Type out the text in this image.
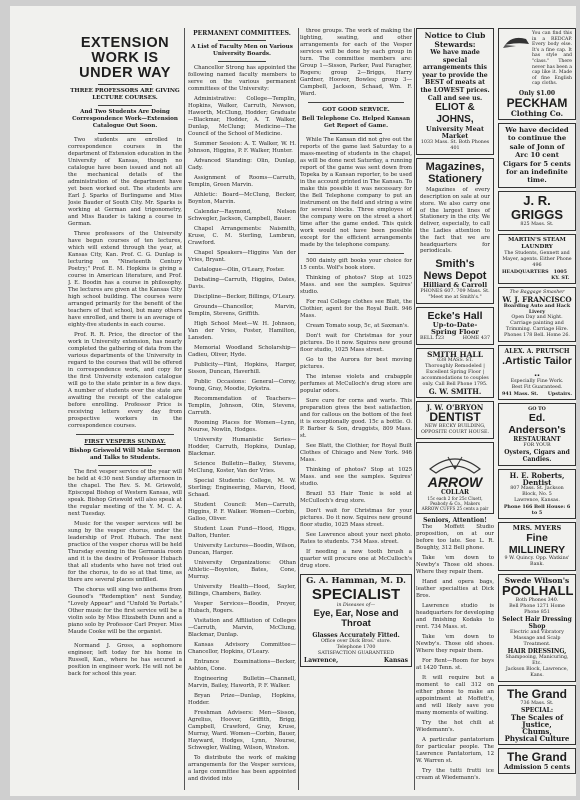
EXTENSION WORK IS UNDER WAY
THREE PROFESSORS ARE GIVING LECTURE COURSES.
And Two Students Are Doing Correspondence Work—Extension Catalogue Out Soon.

Two students are enrolled in correspondence courses in the department of Extension education in the University of Kansas, though no catalogue have been issued and not all the mechanical details of the administration of the department have yet been worked out. The students are Earl J. Sparks of Burlingame and Miss Josie Bauder of South City. Mr. Sparks is working at German and trigonometry, and Miss Bauder is taking a course in German.

Three professors of the University have begun courses of ten lectures, which will extend through the year, at Kansas City, Kan. Prof. C. G. Dunlap is lecturing on "Nineteenth Century Poetry;" Prof. E. M. Hopkins is giving a course in American literature, and Prof. J. E. Boodin has a course in philosophy. The lectures are given at the Kansas City high school building. The courses were arranged primarily for the benefit of the teachers of that school, but many others have enrolled, and there is an average of eighty-five students in each course.

Prof. R. R. Price, the director of the work in University extension, has nearly completed the gathering of data from the various departments of the University in regard to the courses that will be offered in correspondence work, and copy for the first University extension catalogue will go to the state printer in a few days. A number of students over the state are awaiting the receipt of the catalogue before enrolling. Professor Price is receiving letters every day from prospective workers in the correspondence courses.

FIRST VESPERS SUNDAY.
Bishop Griswold Will Make Sermon and Talks to Students.

The first vesper service of the year will be held at 4:30 next Sunday afternoon in the chapel. The Rev. S. M. Griswold, Episcopal Bishop of Western Kansas, will speak. Bishop Griswold will also speak at the regular meeting of the Y. M. C. A. next Tuesday.

Music for the vesper services will be sung by the vesper chorus, under the leadership of Prof. Hubach. The next practice of the vesper chorus will be held Thursday evening in the Germania room and it is the desire of Professor Hubach that all students who have not tried out for the chorus, to do so at that time, as there are several places unfilled.

The chorus will sing two anthems from Gounod's "Redemption" next Sunday, "Lovely Appear" and "Unfold Ye Portals." Other music for the first service will be a violin solo by Miss Elizabeth Dunn and a piano solo by Professor Carl Preyer. Miss Maude Cooke will be the organist.

Normand J. Gross, a sophomore engineer, left today for his home in Russell, Kan., where he has secured a position in engineer work. He will not be back for school this year.

PERMANENT COMMITTEES.
A List of Faculty Men on Various University Boards.

Chancellor Strong has appointed the following named faculty members to serve on the various permanent committees of the University:

Administrative: College—Templin, Hopkins, Walker, Carruth, Newson, Haworth, McClung, Hodder; Graduate—Blackmar, Hodder, A. T. Walker, Dunlap, McClung; Medicine—The Council of the School of Medicine.

Summer Session: A. T. Walker, W. H. Johnson, Higgins, P. F. Walker, Hunter.

Advanced Standing: Olin, Dunlap, Cady.

Assignment of Rooms—Carruth, Templin, Green Marvin.

Athletic: Board—McClung, Becker, Boynton, Marvin.

Calendar—Raymond, Nelson Schwegler, Jackson, Campbell, Bauer.

Chapel Arrangements: Naismith, Kruse, C. M. Sterling, Lambrun, Crawford.

Chapel Speakers—Higgins Van der Vries, Bryant.

Catalogue—Olin, O'Leary, Foster.

Debating—Carruth, Higgins, Dates, Davis.

Discipline—Becker, Billings, O'Leary.

Grounds—Chancellor, Marvin, Templin, Stevens, Griffith.

High School Meet—W. H. Johnson, Van der Vries, Foster, Hamilton, Lansden.

Memorial Woodland Scholarship—Cadieu, Oliver, Hyde.

Publicity—Flint, Hopkins, Harger, Sisson, Duncan, Haverhill.

Public Occasions: General—Corey, Young, Gray, Moodie, Dykstra.

Recommendation of Teachers—Templin, Johnson, Olin, Stevens, Carruth.

Rooming Places for Women—Lynn, Nourse, Nowlin, Hodges.

University Humanistic Series—Hodder, Carruth, Hopkins, Dunlap, Blackmar.

Science Bulletin—Bailey, Stevens, McClung, Koster, Van der Vries.

Special Students: College, M. W. Sterling; Engineering, Marvin, Hood, Schaad.

Student Council: Men—Carruth, Higgins, P. F. Walker. Women—Corbin, Galloo, Oliver.

Student Loan Fund—Hood, Higgs, Dalton, Hunter.

University Lectures—Boodin, Wilson, Duncan, Harger.

University Organizations: Othan Athletic—Boynton, Bates, Cone, Murray.

University Health—Hood, Sayler, Billings, Chambers, Bailey.

Vesper Services—Boodin, Preyer, Hubach, Rogers.

Visitation and Affiliation of Colleges—Carruth, Marvin, McClung, Blackmar, Dunlap.

Kansas Advisory Committee—Chancellor, Hopkins, O'Leary.

Entrance Examinations—Becker, Ashton, Cone.

Engineering Bulletin—Channell, Marvin, Bailey, Haworth, P. F. Walker.

Bryan Prize—Dunlap, Hopkins, Hodder.

Freshman Advisers: Men—Sisson, Agrelius, Hoover, Griffith, Brigg, Campbell, Crawford, Gray, Kruse, Murray, Ward. Women—Corbin, Bauer, Hayward, Hodges, Lynn, Nourse, Schwegler, Walling, Wilson, Winston.

To distribute the work of making arrangements for the Vesper services, a large committee has been appointed and divided into

three groups. The work of making the lighting, seating, and other arrangements for each of the Vesper services will be done by each group in turn. The committee members are: Group 1—Sisson, Parker, Paul Faragher, Rogers; group 2—Briggs, Harry Gardner, Hoover, Bowles; group 3—Campbell, Jackson, Schaad, Wm. F. Ward.

GOT GOOD SERVICE.
Bell Telephone Co. Helped Kansan Get Report of Game.

While The Kansan did not give out the reports of the game last Saturday to a mass-meeting of students in the chapel, as will be done next Saturday, a running report of the game was sent down from Topeka by a Kansan reporter, to be used in the account printed in The Kansan. To make this possible it was necessary for the Bell Telephone company to put an instrument on the field and string a wire for several blocks. Three employes of the company were on the street a short time after the game ended. This quick work would not have been possible except for the efficient arrangements made by the telephone company.

500 dainty gift books your choice for 15 cents. Wolf's book store.

Thinking of photos? Stop at 1025 Mass. and see the samples. Squires' studio.

For real College clothes see Blatt, the Clothier, agent for the Royal Built. 946 Mass.

Cream Tomato soup, 5c, at Saxman's.

Don't wait for Christmas for your pictures. Do it now. Squires new ground floor studio, 1025 Mass street.

Go to the Aurora for best moving pictures.

The intense violets and crabapple perfumes at McCulloch's drug store are popular odors.

Sure cure for corns and warts. This preparation gives the best satisfaction, and for callous on the bottom of the feet it is exceptionally good. 15c a bottle. O. P. Barber & Son, druggists, 809 Mass. st.

See Blatt, the Clothier, for Royal Built Clothes of Chicago and New York. 946 Mass.

Thinking of photos? Stop at 1025 Mass. and see the samples. Squires' studio.

Brazil 53 Hair Tonic is sold at McCulloch's drug store.

Don't wait for Christmas for your pictures. Do it now. Squires new ground floor studio, 1025 Mass street.

See Lawrence about your next photo. Rates to students. 734 Mass. street.

If needing a new tooth brush a quarter will procure one at McCulloch's drug store.

G. A. Hamman, M. D.
SPECIALIST
in Diseases of—
Eye, Ear, Nose and Throat
Glasses Accurately Fitted.
Office over Dick Bros.' store.
Telephone 1700
SATISFACTION GUARANTEED
Lawrence,	Kansas
Notice to Club Stewards:
We have made special arrangements this year to provide the BEST of meats at the LOWEST prices. Call and see us.
ELIOT & JOHNS,
University Meat Market
1033 Mass. St. Both Phones 401
Magazines, Stationery

Magazines of every description on sale at our store. We also carry one of the largest lines of Stationery in the city. We deliver, especially, to call the Ladies attention to the fact that we are headquarters for periodicals.

Smith's News Depot
Hilliard & Carroll
PHONES 607. 709 Mass. St.
"Meet me at Smith's."
Ecke's Hall
Up-to-Date-Spring Floor
BELL 123	HOME 437
SMITH HALL
638 MASS. ST.
Thoroughly Remodeled | Excellent Spring Floor | accommodations to couples only. Call Bell Phone 1795.
G. W. SMITH.
J. W. O'BRYON
DENTIST
NEW BECKY BUILDING, OPPOSITE COURT HOUSE.
ARROW
COLLAR
15c each 2 for 25c Cluett, Peabody & Co., Makers
ARROW CUFFS 25 cents a pair
Seniors, Attention!

The Moffett Studio proposition, on at our before too late. See L. R. Boughty, 312 Bell phone.

Take 'em down to Newby's Those old shoes. Where they repair them.

Hand and opera bags, leather specialties at Dick Bros.

Lawrence studio is headquarters for developing and finishing Kodaks to rent. 734 Mass. st.

Take 'em down to Newby's. Those old shoes. Where they repair them.

For Rent—Room for boys at 1420 Tenn. st.

It will require but a moment to call 312 on either phone to make an appointment at Moffett's, and will likely save you many moments of waiting.

Try the hot chili at Wiedemann's.

A particular pantatorium for particular people. The Lawrence Pantatorium, 12 W. Warren st.

Try the tutti frutti ice cream at Wiedemann's.

You can find this in a REDCAP. Every body else. It's a fine cap. It has style and "class." There never has been a cap like it. Made of fine English cap cloths.

Only $1.00
PECKHAM
Clothing Co.
We have decided to continue the sale of Jonn of Arc 10 cent Cigars for 5 cents for an indefinite time.
J. R. GRIGGS
825 Mass. St.
MARTIN'S STEAM LAUNDRY
The Students, Gennett and Mayer, agents. Either Phone 496
HEADQUARTERS	1005 KY. ST.
The Baggage Smasher
W. J. FRANCISCO
Boarding Auto and Hack Livery
Open Day and Night. Carriage painting and Trimming. Carriage Hire. Phones 178 Bell. Home 26.
ALEX. A. PRUTSCH
.Artistic Tailor ..
Especially Fine Work.
Best Fit Guaranteed.
941 Mass. St. Upstairs.
GO TO
Ed. Anderson's
RESTAURANT
FOR YOUR
Oysters, Cigars and Candies.
H. E. Roberts, Dentist
807 Mass. St. Jackson Block, No. 5
Lawrence, Kansas.
Phone 166 Bell House: 6 to 5
MRS. MYERS
Fine MILLINERY
9 W. Quincy. Opp. Watkins' Bank.
Swede Wilson's
POOLHALL
Both Phones 340.
Bell Phone 1271 Home Phone 851
Select Hair Dressing Shop
Electric and Vibratory Massage and Scalp Treatment.
HAIR DRESSING,
Shampooing, Manicuring, Etc.
Jackson Block, Lawrence, Kans.
The Grand
736 Mass. St.
SPECIAL:
The Scales of Justice,
Chums,
Physical Culture
The Grand
Admission 5 cents
